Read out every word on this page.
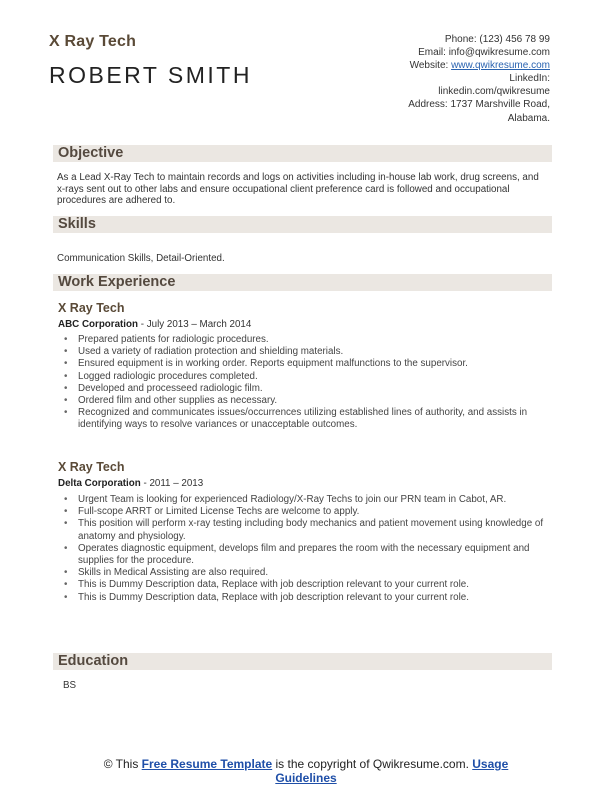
X Ray Tech
ROBERT SMITH
Phone: (123) 456 78 99
Email: info@qwikresume.com
Website: www.qwikresume.com
LinkedIn:
linkedin.com/qwikresume
Address: 1737 Marshville Road,
Alabama.
Objective
As a Lead X-Ray Tech to maintain records and logs on activities including in-house lab work, drug screens, and x-rays sent out to other labs and ensure occupational client preference card is followed and occupational procedures are adhered to.
Skills
Communication Skills, Detail-Oriented.
Work Experience
X Ray Tech
ABC Corporation - July 2013 – March 2014
• Prepared patients for radiologic procedures.
• Used a variety of radiation protection and shielding materials.
• Ensured equipment is in working order. Reports equipment malfunctions to the supervisor.
• Logged radiologic procedures completed.
• Developed and processeed radiologic film.
• Ordered film and other supplies as necessary.
• Recognized and communicates issues/occurrences utilizing established lines of authority, and assists in identifying ways to resolve variances or unacceptable outcomes.
X Ray Tech
Delta Corporation - 2011 – 2013
• Urgent Team is looking for experienced Radiology/X-Ray Techs to join our PRN team in Cabot, AR.
• Full-scope ARRT or Limited License Techs are welcome to apply.
• This position will perform x-ray testing including body mechanics and patient movement using knowledge of anatomy and physiology.
• Operates diagnostic equipment, develops film and prepares the room with the necessary equipment and supplies for the procedure.
• Skills in Medical Assisting are also required.
• This is Dummy Description data, Replace with job description relevant to your current role.
• This is Dummy Description data, Replace with job description relevant to your current role.
Education
BS
© This Free Resume Template is the copyright of Qwikresume.com. Usage
Guidelines
